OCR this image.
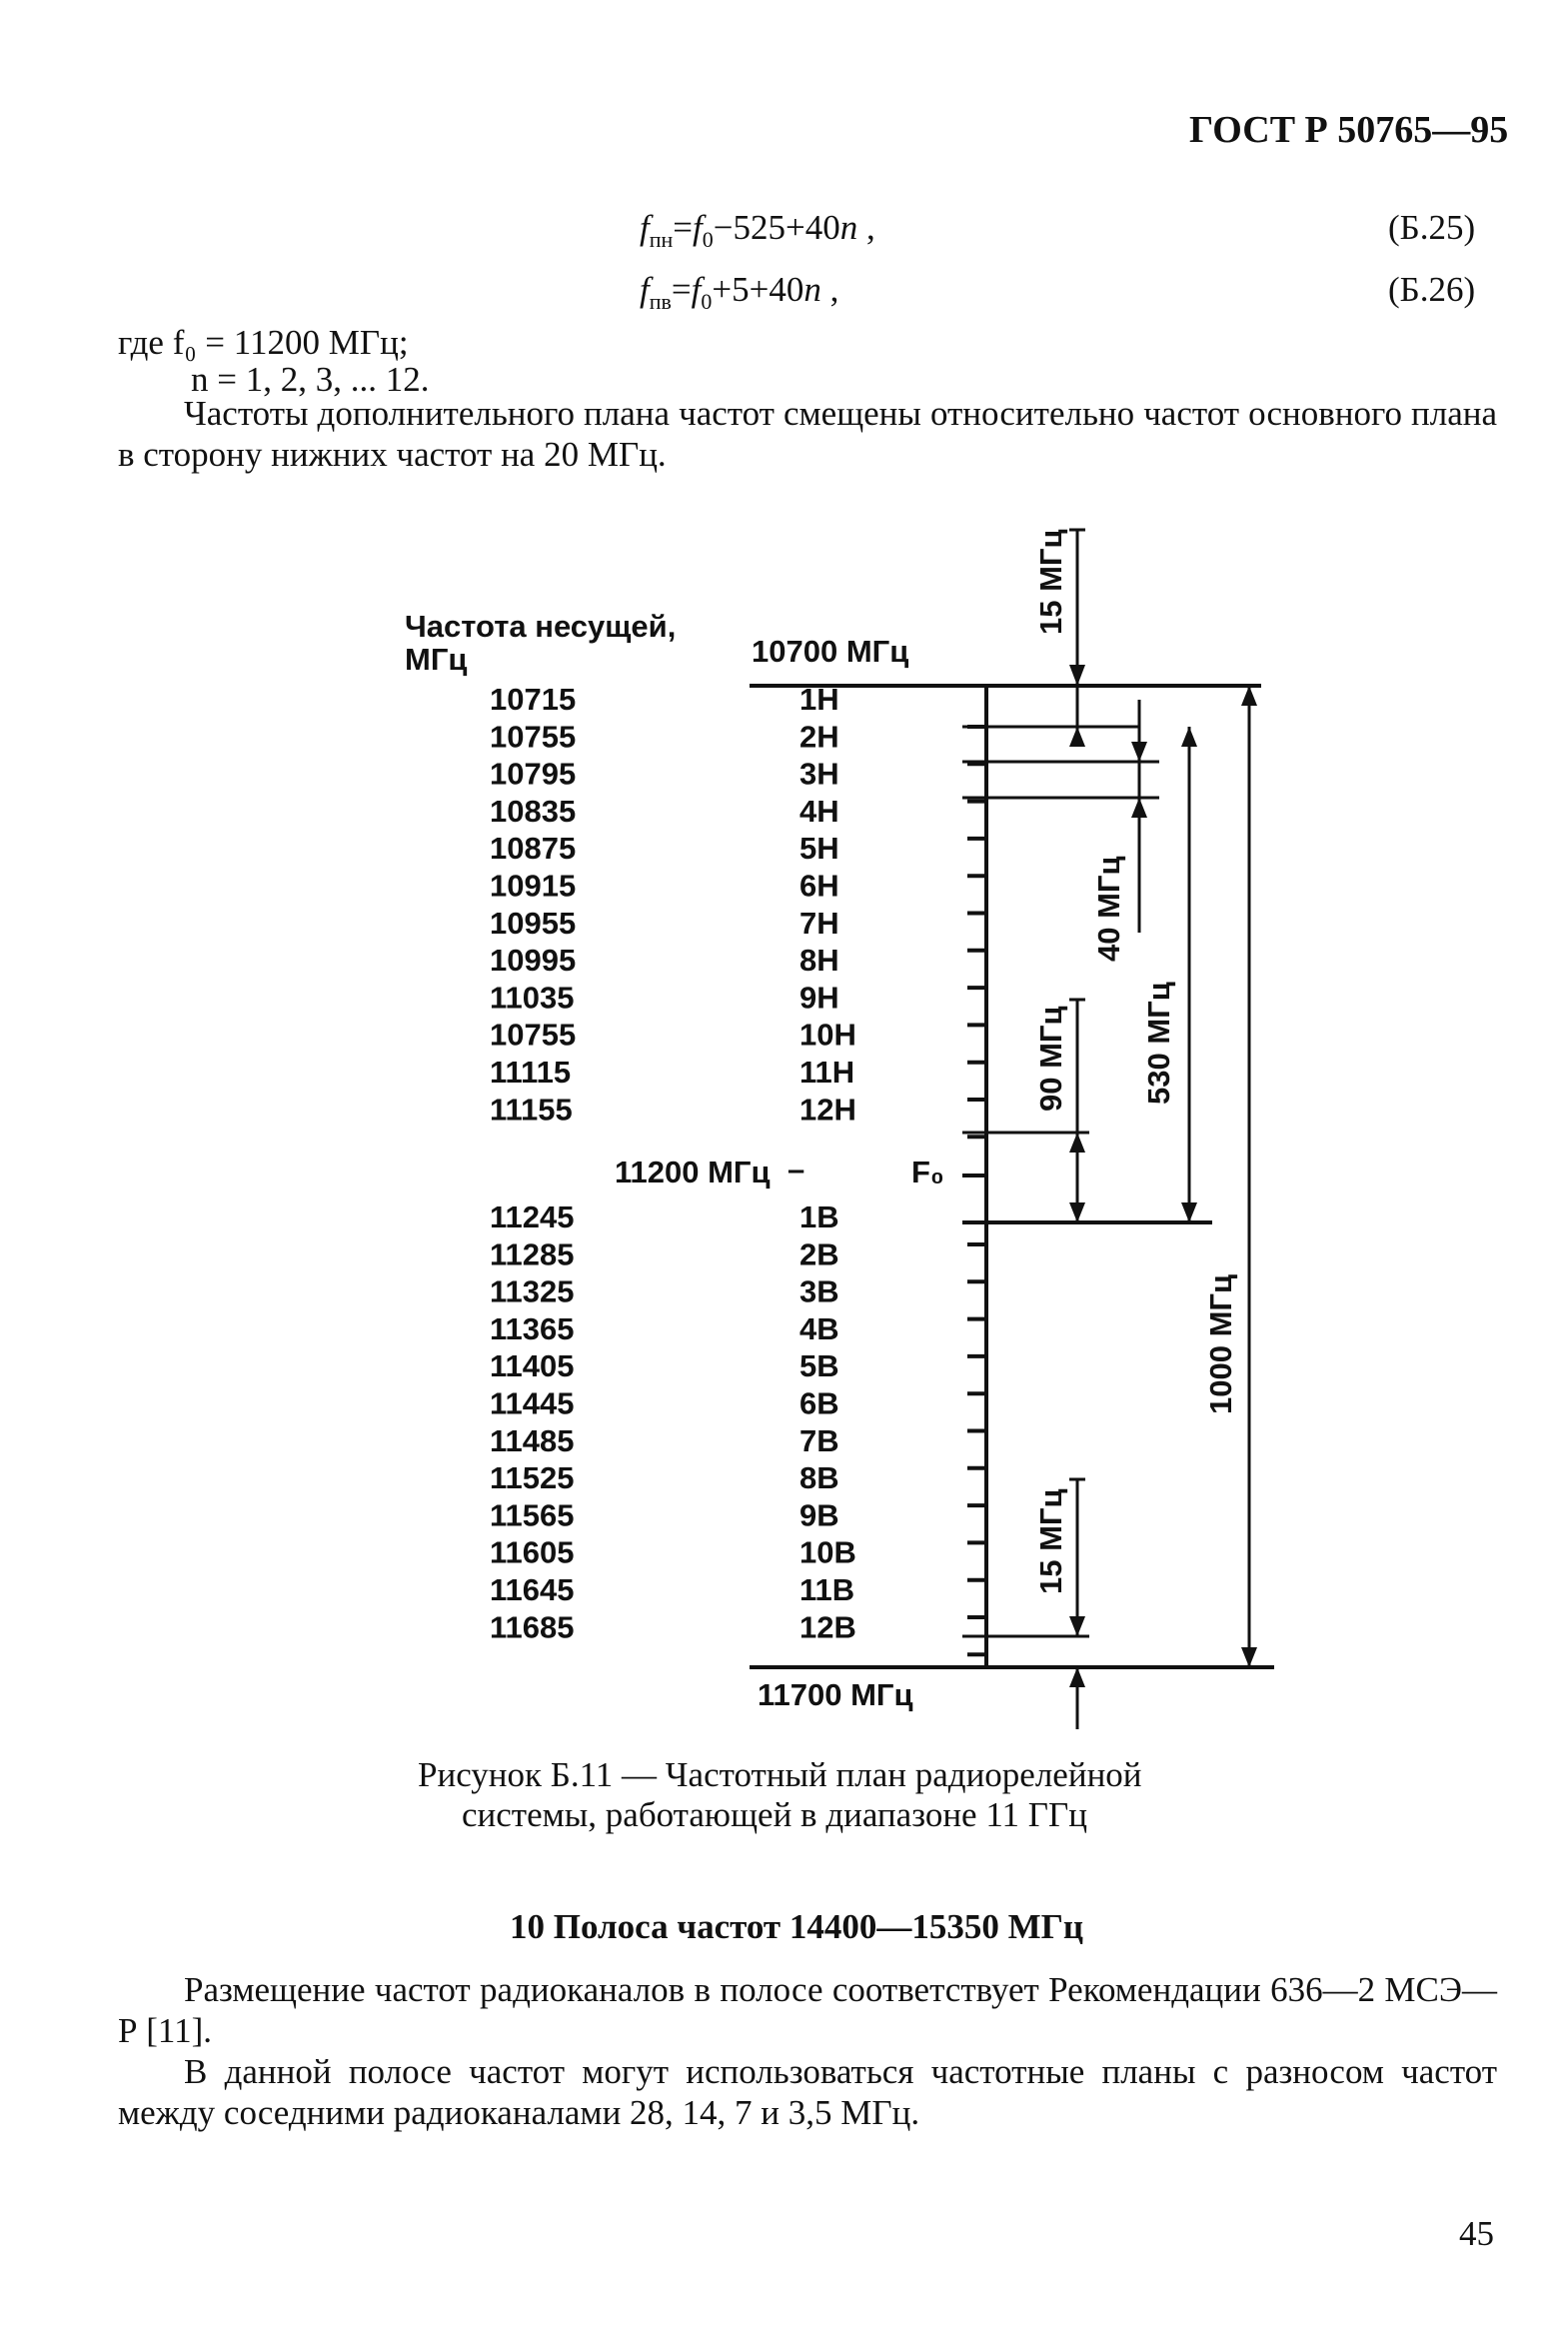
ГОСТ Р 50765—95
$f_{пн}=f_0-525+40n$ ,	(Б.25)
$f_{пв}=f_0+5+40n$ ,	(Б.26)
где f₀ = 11200 МГц;
n = 1, 2, 3, ... 12.
Частоты дополнительного плана частот смещены относительно частот основного плана в сторону нижних частот на 20 МГц.
Частота несущей,
МГц	10700 МГц
11700 МГц
11200 МГц –	F₀
15 МГц
40 МГц
90 МГц 530 МГц
1000 МГц
15 МГц
10715	1Н
10755	2Н
10795	3Н
10835	4Н
10875	5Н
10915	6Н
10955	7Н
10995	8Н
11035	9Н
10755	10Н
11115	11Н
11155	12Н
11245	1В
11285	2В
11325	3В
11365	4В
11405	5В
11445	6В
11485	7В
11525	8В
11565	9В
11605	10В
11645	11В
11685	12В
Рисунок Б.11 — Частотный план радиорелейной
системы, работающей в диапазоне 11 ГГц
10 Полоса частот 14400—15350 МГц
Размещение частот радиоканалов в полосе соответствует Рекомендации 636—2 МСЭ—Р [11].
В данной полосе частот могут использоваться частотные планы с разносом частот между соседними радиоканалами 28, 14, 7 и 3,5 МГц.
45
